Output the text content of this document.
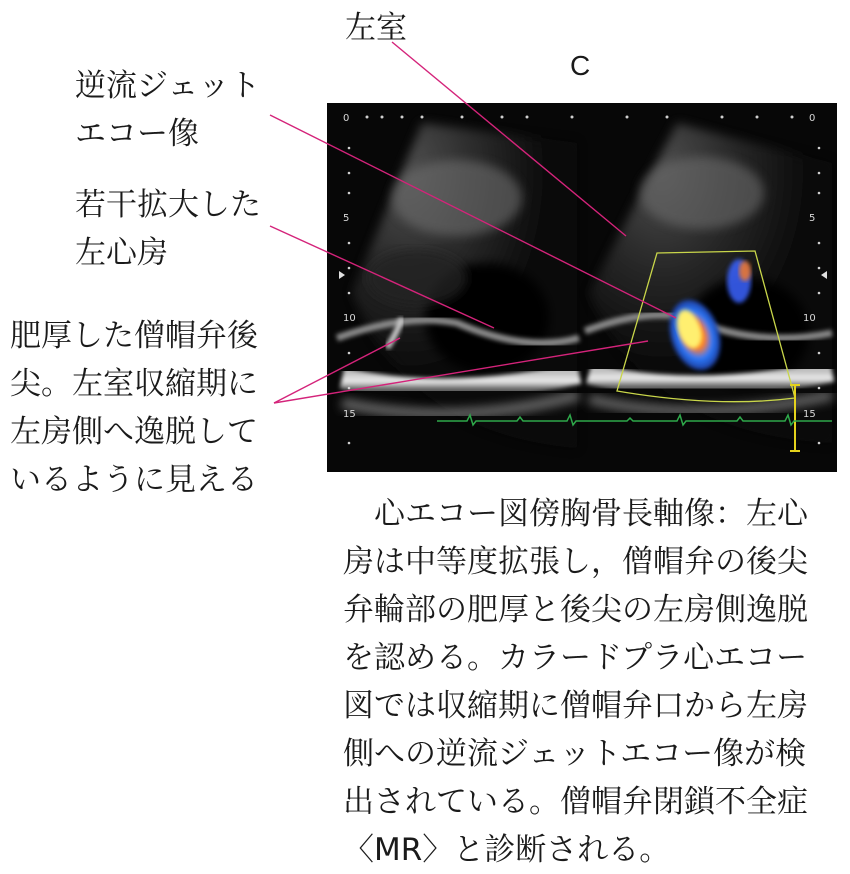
C
左室
逆流ジェット
エコー像
若干拡大した
左心房
肥厚した僧帽弁後
尖。左室収縮期に
左房側へ逸脱して
いるように見える
0
5
10
15
0
5
10
15

　心エコー図傍胸骨長軸像：左心

房は中等度拡張し，僧帽弁の後尖

弁輪部の肥厚と後尖の左房側逸脱

を認める。カラードプラ心エコー

図では収縮期に僧帽弁口から左房

側への逆流ジェットエコー像が検

出されている。僧帽弁閉鎖不全症

〈MR〉と診断される。
